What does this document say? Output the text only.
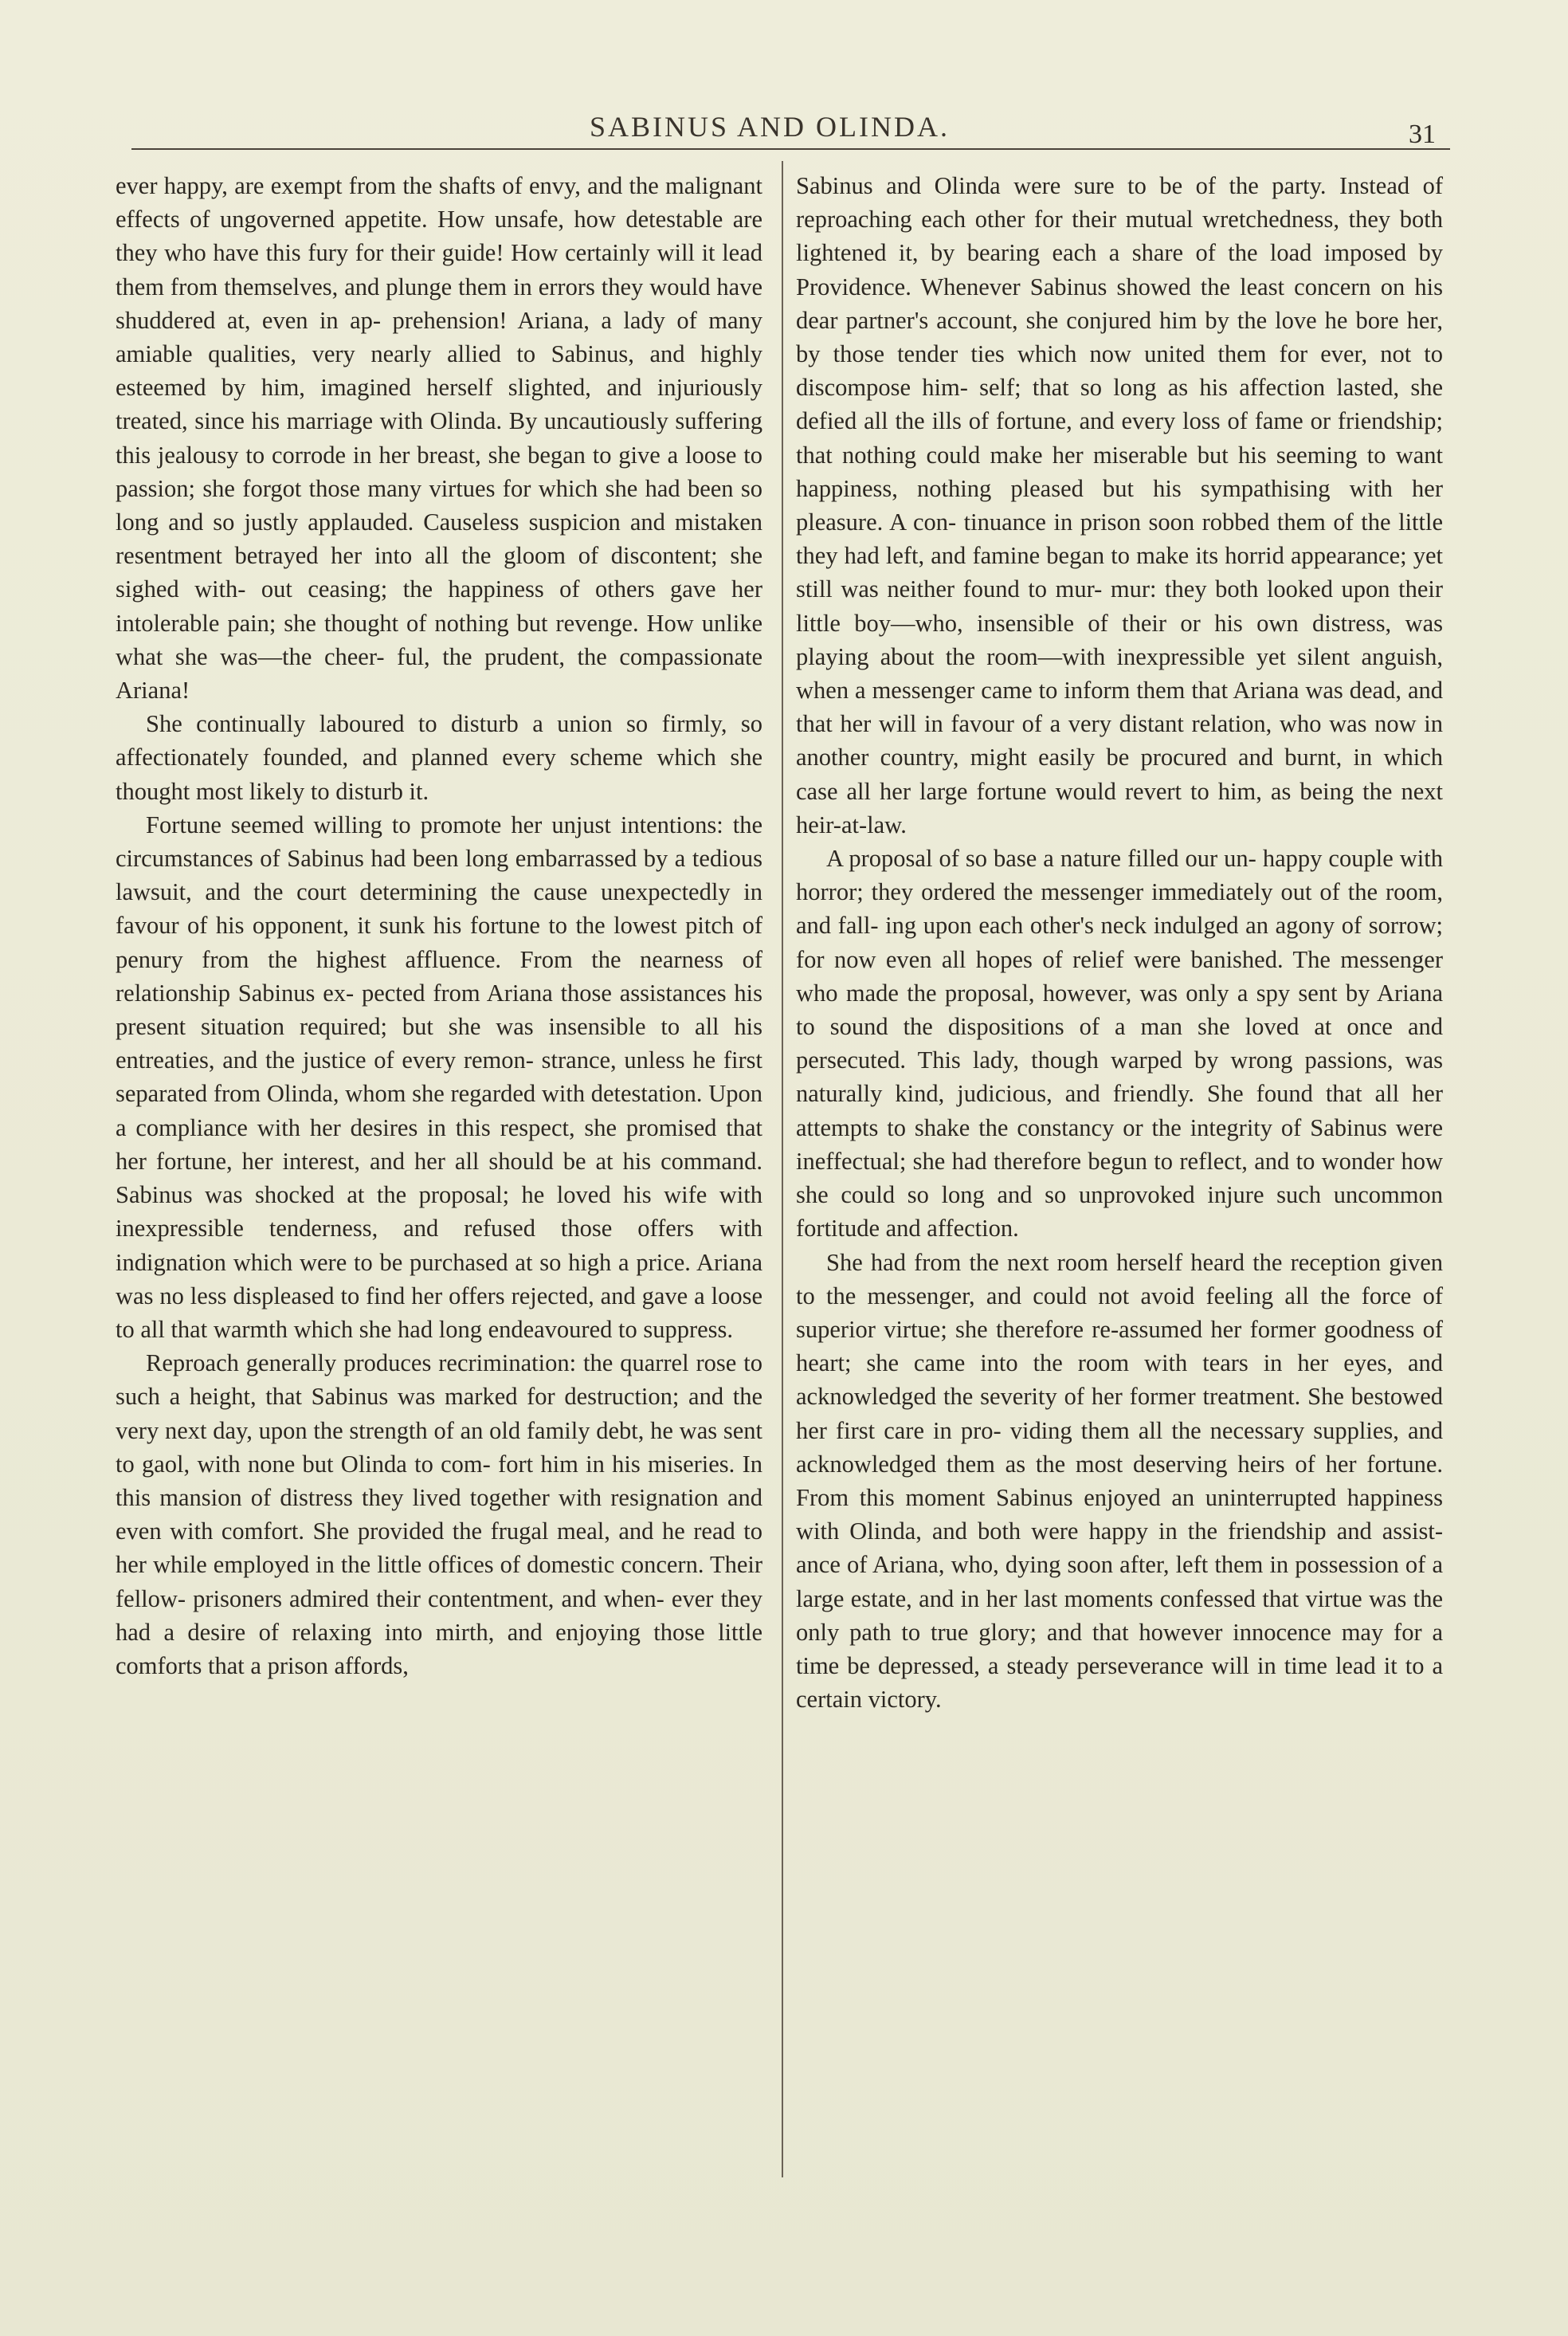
SABINUS AND OLINDA.	31

ever happy, are exempt from the shafts of envy, and the malignant effects of ungoverned appetite. How unsafe, how detestable are they who have this fury for their guide! How certainly will it lead them from themselves, and plunge them in errors they would have shuddered at, even in ap- prehension! Ariana, a lady of many amiable qualities, very nearly allied to Sabinus, and highly esteemed by him, imagined herself slighted, and injuriously treated, since his marriage with Olinda. By uncautiously suffering this jealousy to corrode in her breast, she began to give a loose to passion; she forgot those many virtues for which she had been so long and so justly applauded. Causeless suspicion and mistaken resentment betrayed her into all the gloom of discontent; she sighed with- out ceasing; the happiness of others gave her intolerable pain; she thought of nothing but revenge. How unlike what she was—the cheer- ful, the prudent, the compassionate Ariana!

She continually laboured to disturb a union so firmly, so affectionately founded, and planned every scheme which she thought most likely to disturb it.

Fortune seemed willing to promote her unjust intentions: the circumstances of Sabinus had been long embarrassed by a tedious lawsuit, and the court determining the cause unexpectedly in favour of his opponent, it sunk his fortune to the lowest pitch of penury from the highest affluence. From the nearness of relationship Sabinus ex- pected from Ariana those assistances his present situation required; but she was insensible to all his entreaties, and the justice of every remon- strance, unless he first separated from Olinda, whom she regarded with detestation. Upon a compliance with her desires in this respect, she promised that her fortune, her interest, and her all should be at his command. Sabinus was shocked at the proposal; he loved his wife with inexpressible tenderness, and refused those offers with indignation which were to be purchased at so high a price. Ariana was no less displeased to find her offers rejected, and gave a loose to all that warmth which she had long endeavoured to suppress.

Reproach generally produces recrimination: the quarrel rose to such a height, that Sabinus was marked for destruction; and the very next day, upon the strength of an old family debt, he was sent to gaol, with none but Olinda to com- fort him in his miseries. In this mansion of distress they lived together with resignation and even with comfort. She provided the frugal meal, and he read to her while employed in the little offices of domestic concern. Their fellow- prisoners admired their contentment, and when- ever they had a desire of relaxing into mirth, and enjoying those little comforts that a prison affords,

Sabinus and Olinda were sure to be of the party. Instead of reproaching each other for their mutual wretchedness, they both lightened it, by bearing each a share of the load imposed by Providence. Whenever Sabinus showed the least concern on his dear partner's account, she conjured him by the love he bore her, by those tender ties which now united them for ever, not to discompose him- self; that so long as his affection lasted, she defied all the ills of fortune, and every loss of fame or friendship; that nothing could make her miserable but his seeming to want happiness, nothing pleased but his sympathising with her pleasure. A con- tinuance in prison soon robbed them of the little they had left, and famine began to make its horrid appearance; yet still was neither found to mur- mur: they both looked upon their little boy—who, insensible of their or his own distress, was playing about the room—with inexpressible yet silent anguish, when a messenger came to inform them that Ariana was dead, and that her will in favour of a very distant relation, who was now in another country, might easily be procured and burnt, in which case all her large fortune would revert to him, as being the next heir-at-law.

A proposal of so base a nature filled our un- happy couple with horror; they ordered the messenger immediately out of the room, and fall- ing upon each other's neck indulged an agony of sorrow; for now even all hopes of relief were banished. The messenger who made the proposal, however, was only a spy sent by Ariana to sound the dispositions of a man she loved at once and persecuted. This lady, though warped by wrong passions, was naturally kind, judicious, and friendly. She found that all her attempts to shake the constancy or the integrity of Sabinus were ineffectual; she had therefore begun to reflect, and to wonder how she could so long and so unprovoked injure such uncommon fortitude and affection.

She had from the next room herself heard the reception given to the messenger, and could not avoid feeling all the force of superior virtue; she therefore re-assumed her former goodness of heart; she came into the room with tears in her eyes, and acknowledged the severity of her former treatment. She bestowed her first care in pro- viding them all the necessary supplies, and acknowledged them as the most deserving heirs of her fortune. From this moment Sabinus enjoyed an uninterrupted happiness with Olinda, and both were happy in the friendship and assist- ance of Ariana, who, dying soon after, left them in possession of a large estate, and in her last moments confessed that virtue was the only path to true glory; and that however innocence may for a time be depressed, a steady perseverance will in time lead it to a certain victory.
